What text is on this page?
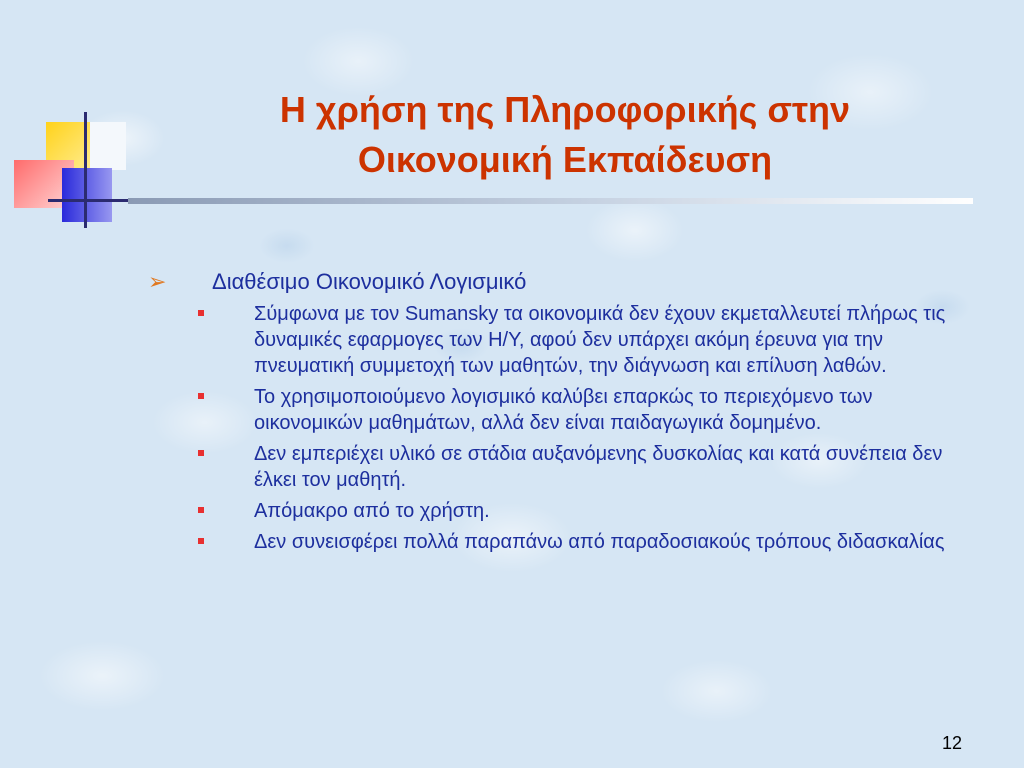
Η χρήση της Πληροφορικής στην
Οικονομική Εκπαίδευση
➢ Διαθέσιμο Οικονομικό Λογισμικό
Σύμφωνα με τον Sumansky τα οικονομικά δεν έχουν εκμεταλλευτεί πλήρως τις δυναμικές εφαρμογες των Η/Υ, αφού δεν υπάρχει ακόμη έρευνα για την πνευματική συμμετοχή των μαθητών, την διάγνωση και επίλυση λαθών.
Το χρησιμοποιούμενο λογισμικό καλύβει επαρκώς το περιεχόμενο των οικονομικών μαθημάτων, αλλά δεν είναι παιδαγωγικά δομημένο.
Δεν εμπεριέχει υλικό σε στάδια αυξανόμενης δυσκολίας και κατά συνέπεια δεν έλκει τον μαθητή.
Απόμακρο από το χρήστη.
Δεν συνεισφέρει πολλά παραπάνω από παραδοσιακούς τρόπους διδασκαλίας
12
